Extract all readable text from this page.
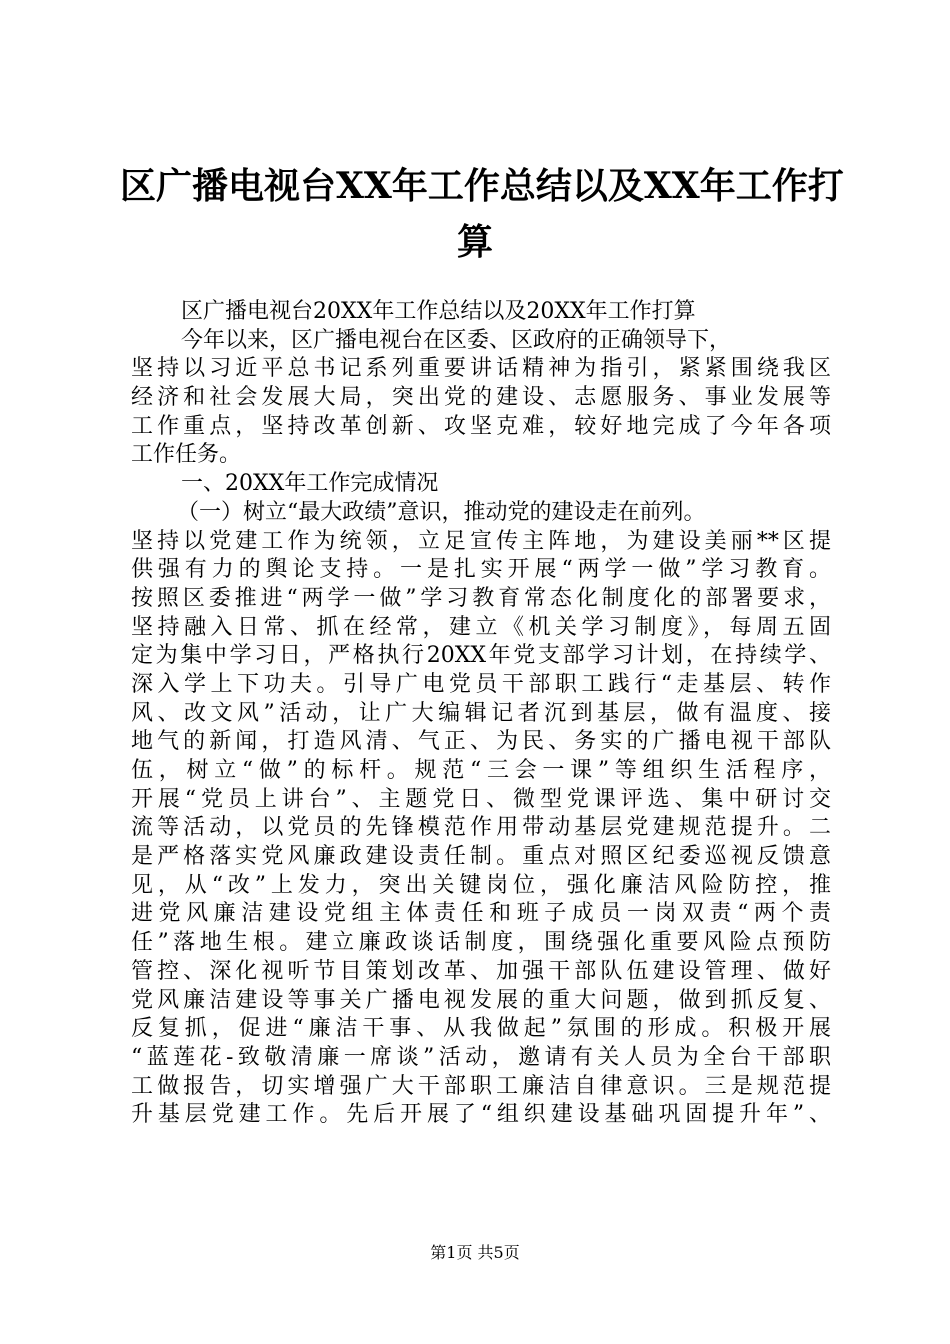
区广播电视台XX年工作总结以及XX年工作打
算
区广播电视台20XX年工作总结以及20XX年工作打算
今年以来，区广播电视台在区委、区政府的正确领导下，
坚持以习近平总书记系列重要讲话精神为指引，紧紧围绕我区
经济和社会发展大局，突出党的建设、志愿服务、事业发展等
工作重点，坚持改革创新、攻坚克难，较好地完成了今年各项
工作任务。
一、20XX年工作完成情况
（一）树立“最大政绩”意识，推动党的建设走在前列。
坚持以党建工作为统领，立足宣传主阵地，为建设美丽**区提
供强有力的舆论支持。一是扎实开展“两学一做”学习教育。
按照区委推进“两学一做”学习教育常态化制度化的部署要求，
坚持融入日常、抓在经常，建立《机关学习制度》，每周五固
定为集中学习日，严格执行20XX年党支部学习计划，在持续学、
深入学上下功夫。引导广电党员干部职工践行“走基层、转作
风、改文风”活动，让广大编辑记者沉到基层，做有温度、接
地气的新闻，打造风清、气正、为民、务实的广播电视干部队
伍，树立“做”的标杆。规范“三会一课”等组织生活程序，
开展“党员上讲台”、主题党日、微型党课评选、集中研讨交
流等活动，以党员的先锋模范作用带动基层党建规范提升。二
是严格落实党风廉政建设责任制。重点对照区纪委巡视反馈意
见，从“改”上发力，突出关键岗位，强化廉洁风险防控，推
进党风廉洁建设党组主体责任和班子成员一岗双责“两个责
任”落地生根。建立廉政谈话制度，围绕强化重要风险点预防
管控、深化视听节目策划改革、加强干部队伍建设管理、做好
党风廉洁建设等事关广播电视发展的重大问题，做到抓反复、
反复抓，促进“廉洁干事、从我做起”氛围的形成。积极开展
“蓝莲花-致敬清廉一席谈”活动，邀请有关人员为全台干部职
工做报告，切实增强广大干部职工廉洁自律意识。三是规范提
升基层党建工作。先后开展了“组织建设基础巩固提升年”、
第1页 共5页
